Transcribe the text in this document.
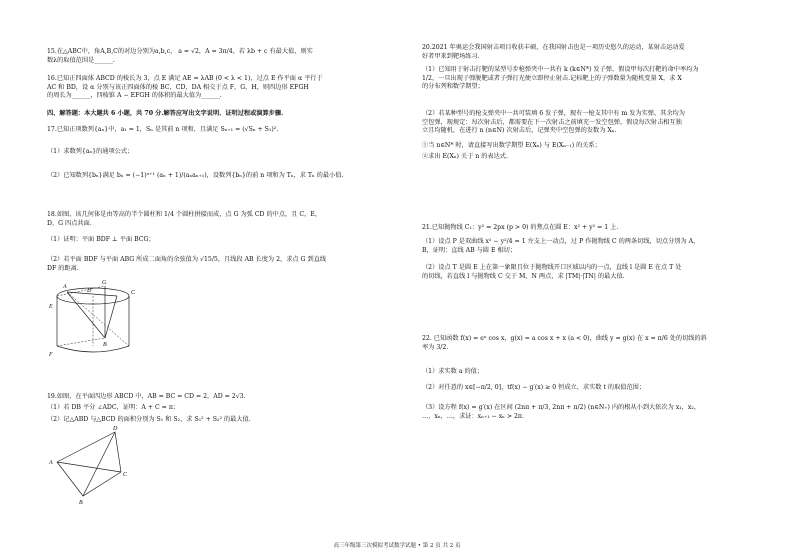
15.在△ABC中，角A,B,C的对边分别为a,b,c， a = √2，A = 3π/4，若 λb + c 有最大值，则实
数λ的取值范围是______.

16.已知正四面体 ABCD 的棱长为 3，点 E 满足 AE = λAB (0 < λ < 1)，过点 E 作平面 α 平行于
AC 和 BD，设 α 分别与该正四面体的棱 BC，CD，DA 相交于点 F，G，H，则四边形 EFGH
的周长为______，四棱锥 A − EFGH 的体积的最大值为______.

四、解答题：本大题共 6 小题，共 70 分.解答应写出文字说明、证明过程或演算步骤.

17.已知正项数列{aₙ}中，a₁ = 1，Sₙ 是其前 n 项和，且满足 Sₙ₊₁ = (√Sₙ + S₁)².

（1）求数列{aₙ}的通项公式；

（2）已知数列{bₙ}满足 bₙ = (−1)ⁿ⁺¹ (aₙ + 1)/(aₙaₙ₊₁)，设数列{bₙ}的前 n 项和为 Tₙ，求 Tₙ 的最小值.

18.如图，该几何体是由等高的半个圆柱和 1/4 个圆柱拼接而成，点 G 为弧 CD 的中点，且 C，E，
D，G 四点共面.

（1）证明：平面 BDF ⊥ 平面 BCG；

（2）若平面 BDF 与平面 ABG 所成二面角的余弦值为 √15/5，且线段 AB 长度为 2，求点 G 到直线
DF 的距离.

E
A
F
G
D	C
B

19.如图，在平面四边形 ABCD 中，AB = BC = CD = 2，AD = 2√3.

（1）若 DB 平分 ∠ADC，证明：A + C = π；

（2）记△ABD 与△BCD 的面积分别为 S₁ 和 S₂，求 S₁² + S₂² 的最大值.

D
A
C
B

20.2021 年奥运会我国射击项目收获丰硕，在我国射击也是一项历史悠久的运动，某射击运动爱
好者甲来到靶场练习.

（1）已知用于射击打靶的某型号步枪弹夹中一共有 k (k∈N*) 发子弹，假设甲每次打靶的命中率均为
1/2，一旦出现子弹脱靶或者子弹打光便立即停止射击.记标靶上的子弹数量为随机变量 X，求 X
的分布列和数学期望；

（2）若某种型号的枪支弹夹中一共可装填 6 发子弹，现有一枪支其中有 m 发为实弹，其余均为
空包弹，现规定：每次射击后，都需要在下一次射击之前填充一发空包弹，假设每次射击相互独
立且均随机，在进行 n (n∈N) 次射击后，记弹夹中空包弹的发数为 Xₙ.

①当 n∈N* 时，请直接写出数学期望 E(Xₙ) 与 E(Xₙ₋₁) 的关系；

②求出 E(Xₙ) 关于 n 的表达式.

21.已知抛物线 C₁：y² = 2px (p > 0) 的焦点在圆 E：x² + y² = 1 上.

（1）设点 P 是双曲线 x² − y²/4 = 1 左支上一动点，过 P 作抛物线 C 的两条切线，切点分别为 A，
B，证明：直线 AB 与圆 E 相切；

（2）设点 T 是圆 E 上在第一象限且位于抛物线开口区域以内的一点，直线 l 是圆 E 在点 T 处
的切线，若直线 l 与抛物线 C 交于 M，N 两点，求 |TM|·|TN| 的最大值.

22. 已知函数 f(x) = eˣ cos x，g(x) = a cos x + x (a < 0)，曲线 y = g(x) 在 x = π/6 处的切线的斜
率为 3/2.

（1）求实数 a 的值；

（2）对任意的 x∈[−π/2, 0]，tf(x) − g′(x) ≥ 0 恒成立，求实数 t 的取值范围；

（3）设方程 f(x) = g′(x) 在区间 (2nπ + π/3, 2nπ + π/2) (n∈N₊) 内的根从小到大依次为 x₁，x₂，
…，xₙ，…，求证：xₙ₊₁ − xₙ > 2π.

高三年级第三次模拟考试数学试题 • 第 2 页 共 2 页
